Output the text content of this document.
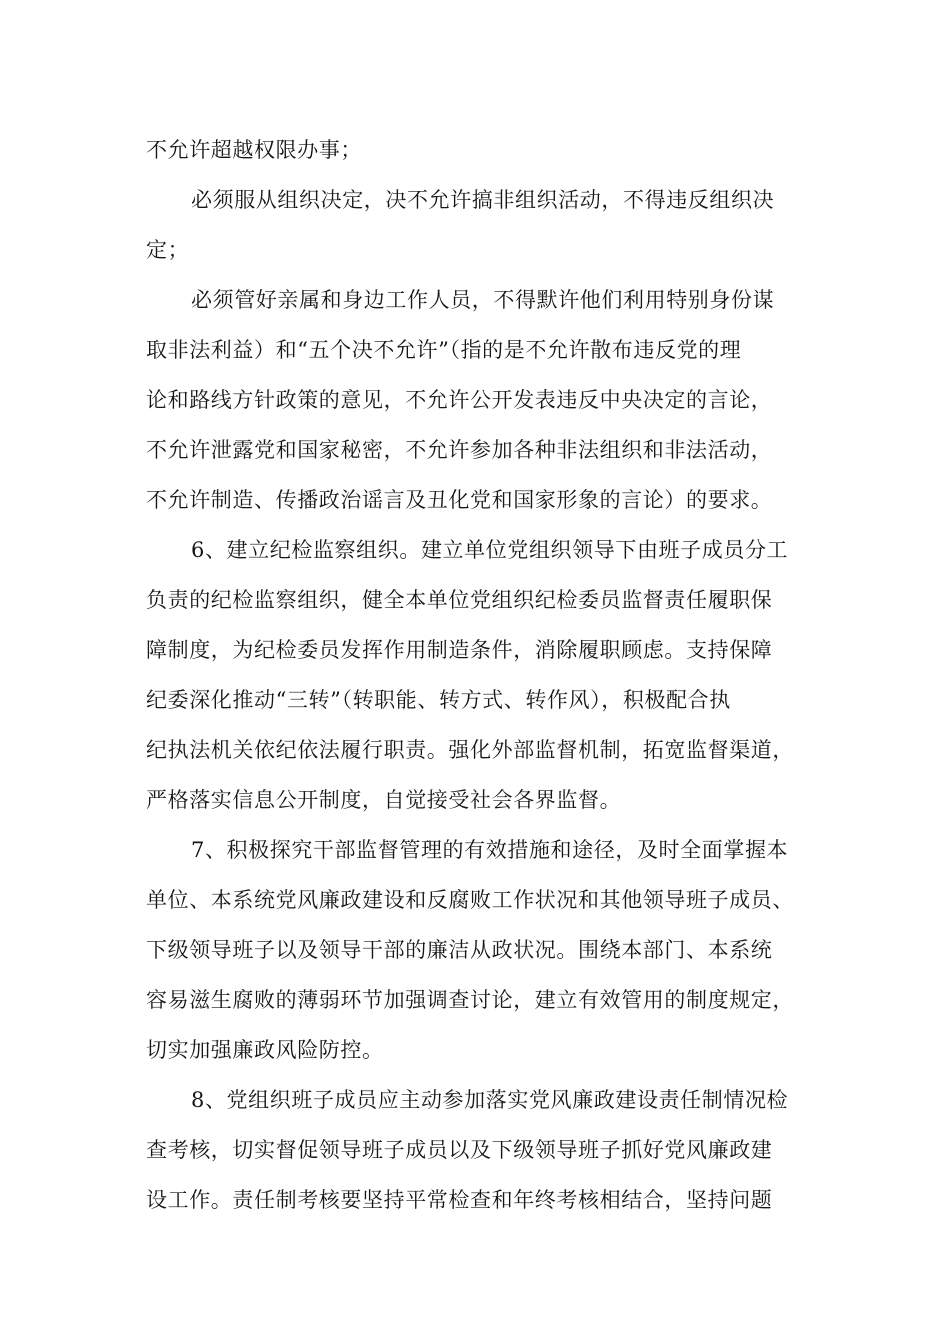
不允许超越权限办事；

必须服从组织决定，决不允许搞非组织活动，不得违反组织决

定；

必须管好亲属和身边工作人员，不得默许他们利用特别身份谋

取非法利益）和“五个决不允许”（指的是不允许散布违反党的理

论和路线方针政策的意见，不允许公开发表违反中央决定的言论，

不允许泄露党和国家秘密，不允许参加各种非法组织和非法活动，

不允许制造、传播政治谣言及丑化党和国家形象的言论）的要求。

6、建立纪检监察组织。建立单位党组织领导下由班子成员分工

负责的纪检监察组织，健全本单位党组织纪检委员监督责任履职保

障制度，为纪检委员发挥作用制造条件，消除履职顾虑。支持保障

纪委深化推动“三转”（转职能、转方式、转作风），积极配合执

纪执法机关依纪依法履行职责。强化外部监督机制，拓宽监督渠道，

严格落实信息公开制度，自觉接受社会各界监督。

7、积极探究干部监督管理的有效措施和途径，及时全面掌握本

单位、本系统党风廉政建设和反腐败工作状况和其他领导班子成员、

下级领导班子以及领导干部的廉洁从政状况。围绕本部门、本系统

容易滋生腐败的薄弱环节加强调查讨论，建立有效管用的制度规定，

切实加强廉政风险防控。

8、党组织班子成员应主动参加落实党风廉政建设责任制情况检

查考核，切实督促领导班子成员以及下级领导班子抓好党风廉政建

设工作。责任制考核要坚持平常检查和年终考核相结合，坚持问题
